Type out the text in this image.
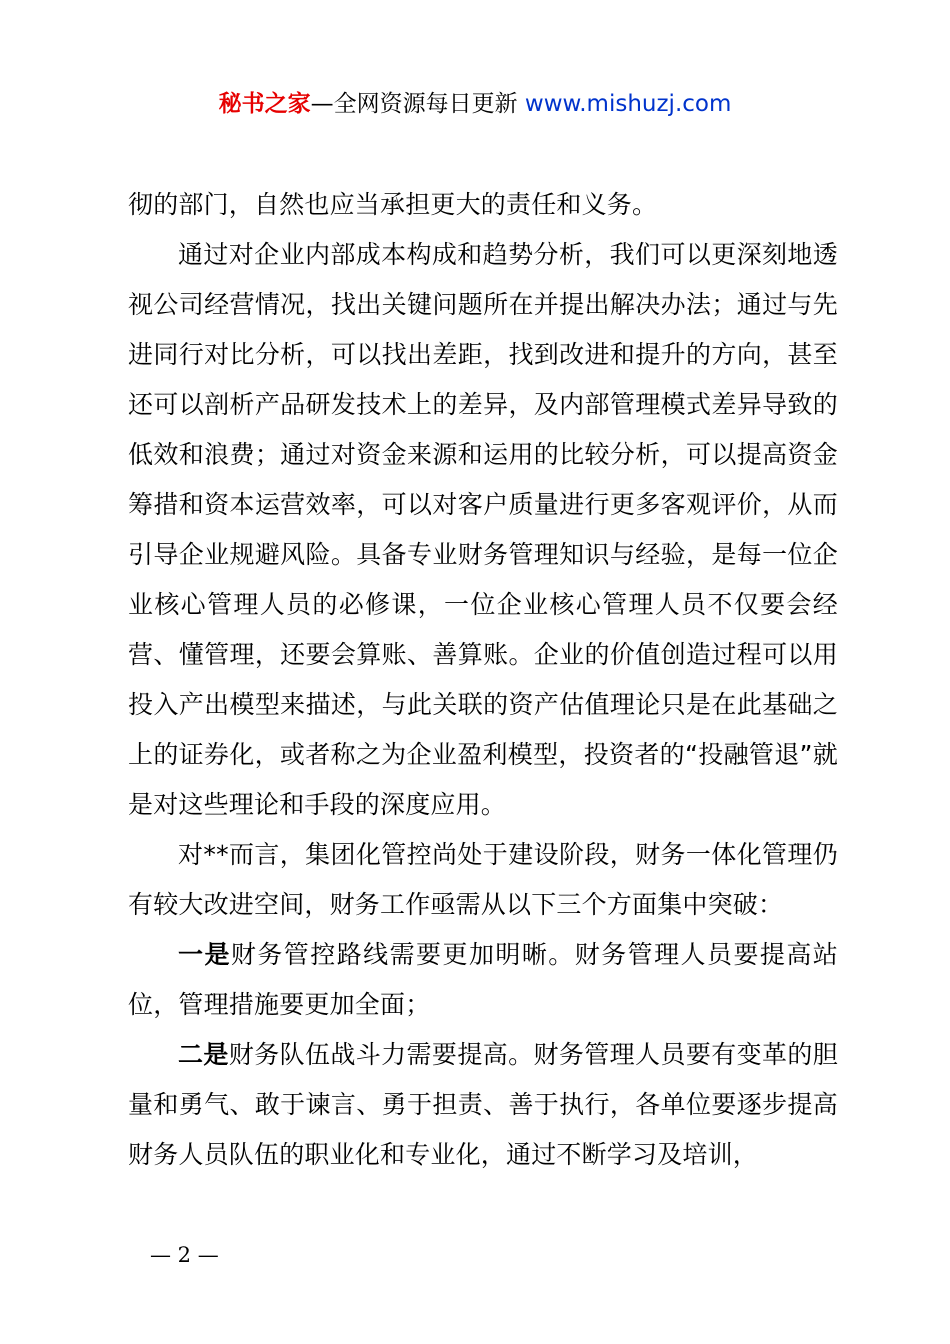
秘书之家—全网资源每日更新 www.mishuzj.com

彻的部门，自然也应当承担更大的责任和义务。

通过对企业内部成本构成和趋势分析，我们可以更深刻地透视公司经营情况，找出关键问题所在并提出解决办法；通过与先进同行对比分析，可以找出差距，找到改进和提升的方向，甚至还可以剖析产品研发技术上的差异，及内部管理模式差异导致的低效和浪费；通过对资金来源和运用的比较分析，可以提高资金筹措和资本运营效率，可以对客户质量进行更多客观评价，从而引导企业规避风险。具备专业财务管理知识与经验，是每一位企业核心管理人员的必修课，一位企业核心管理人员不仅要会经营、懂管理，还要会算账、善算账。企业的价值创造过程可以用投入产出模型来描述，与此关联的资产估值理论只是在此基础之上的证券化，或者称之为企业盈利模型，投资者的“投融管退”就是对这些理论和手段的深度应用。

对**而言，集团化管控尚处于建设阶段，财务一体化管理仍有较大改进空间，财务工作亟需从以下三个方面集中突破：

一是财务管控路线需要更加明晰。财务管理人员要提高站位，管理措施要更加全面；

二是财务队伍战斗力需要提高。财务管理人员要有变革的胆量和勇气、敢于谏言、勇于担责、善于执行，各单位要逐步提高财务人员队伍的职业化和专业化，通过不断学习及培训，

— 2 —
